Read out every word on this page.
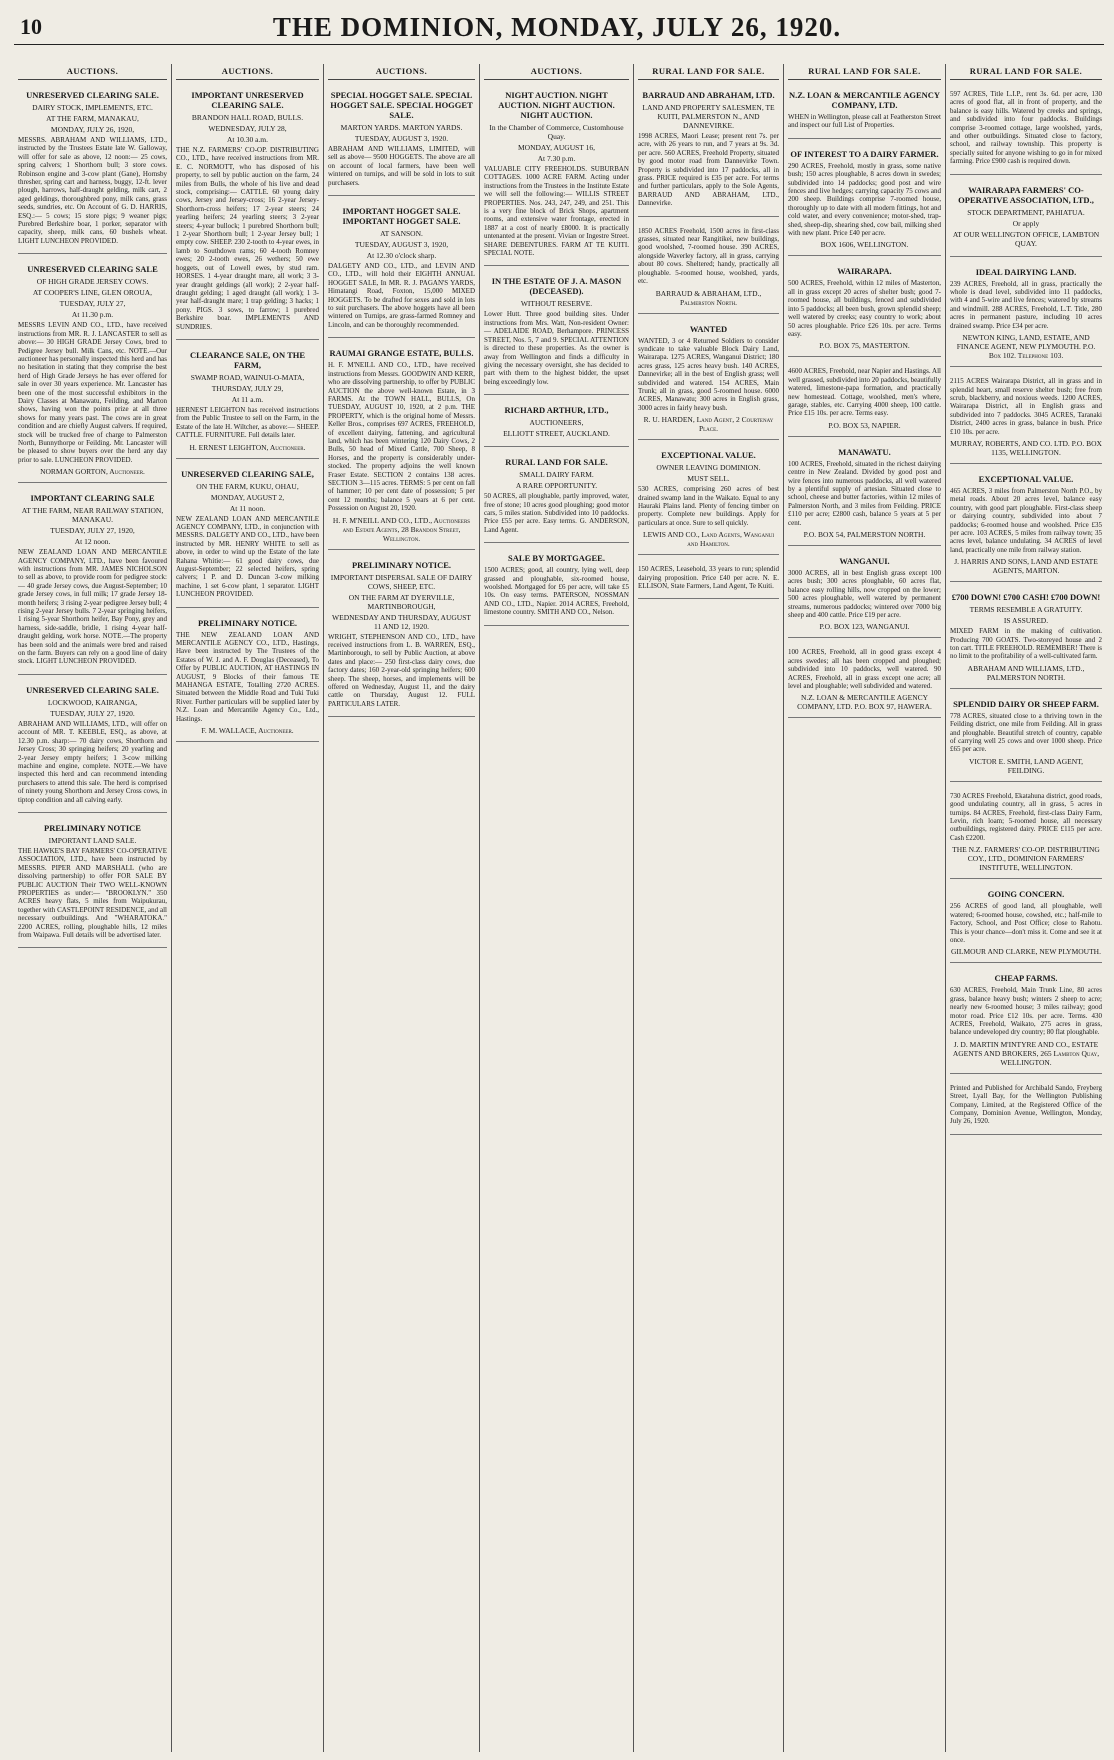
10	THE DOMINION, MONDAY, JULY 26, 1920.
AUCTIONS.
UNRESERVED CLEARING SALE.
DAIRY STOCK, IMPLEMENTS, ETC.
AT THE FARM, MANAKAU,
MONDAY, JULY 26, 1920,
MESSRS. ABRAHAM AND WILLIAMS, LTD., instructed by the Trustees Estate late W. Galloway, will offer for sale as above, 12 noon:— 25 cows, spring calvers; 1 Shorthorn bull; 3 store cows. Robinson engine and 3-cow plant (Gane), Hornsby thresher, spring cart and harness, buggy, 12-ft. lever plough, harrows, half-draught gelding, milk cart, 2 aged geldings, thoroughbred pony, milk cans, grass seeds, sundries, etc. On Account of G. D. HARRIS, ESQ.:— 5 cows; 15 store pigs; 9 weaner pigs; Purebred Berkshire boar, 1 porker, separator with capacity, sheep, milk cans, 60 bushels wheat. LIGHT LUNCHEON PROVIDED.
UNRESERVED CLEARING SALE
OF HIGH GRADE JERSEY COWS.
AT COOPER'S LINE, GLEN OROUA,
TUESDAY, JULY 27,
At 11.30 p.m.
MESSRS LEVIN AND CO., LTD., have received instructions from MR. R. J. LANCASTER to sell as above:— 30 HIGH GRADE Jersey Cows, bred to Pedigree Jersey bull. Milk Cans, etc. NOTE.—Our auctioneer has personally inspected this herd and has no hesitation in stating that they comprise the best herd of High Grade Jerseys he has ever offered for sale in over 30 years experience. Mr. Lancaster has been one of the most successful exhibitors in the Dairy Classes at Manawatu, Feilding, and Marton shows, having won the points prize at all three shows for many years past. The cows are in great condition and are chiefly August calvers. If required, stock will be trucked free of charge to Palmerston North, Bunnythorpe or Feilding. Mr. Lancaster will be pleased to show buyers over the herd any day prior to sale. LUNCHEON PROVIDED.
NORMAN GORTON, Auctioneer.
IMPORTANT CLEARING SALE
AT THE FARM, NEAR RAILWAY STATION, MANAKAU.
TUESDAY, JULY 27, 1920,
At 12 noon.
NEW ZEALAND LOAN AND MERCANTILE AGENCY COMPANY, LTD., have been favoured with instructions from MR. JAMES NICHOLSON to sell as above, to provide room for pedigree stock:— 40 grade Jersey cows, due August-September; 10 grade Jersey cows, in full milk; 17 grade Jersey 18-month heifers; 3 rising 2-year pedigree Jersey bull; 4 rising 2-year Jersey bulls. 7 2-year springing heifers, 1 rising 5-year Shorthorn heifer, Bay Pony, grey and harness, side-saddle, bridle, 1 rising 4-year half-draught gelding, work horse. NOTE.—The property has been sold and the animals were bred and raised on the farm. Buyers can rely on a good line of dairy stock. LIGHT LUNCHEON PROVIDED.
UNRESERVED CLEARING SALE.
LOCKWOOD, KAIRANGA,
TUESDAY, JULY 27, 1920.
ABRAHAM AND WILLIAMS, LTD., will offer on account of MR. T. KEEBLE, ESQ., as above, at 12.30 p.m. sharp:— 70 dairy cows, Shorthorn and Jersey Cross; 30 springing heifers; 20 yearling and 2-year Jersey empty heifers; 1 3-cow milking machine and engine, complete. NOTE.—We have inspected this herd and can recommend intending purchasers to attend this sale. The herd is comprised of ninety young Shorthorn and Jersey Cross cows, in tiptop condition and all calving early.
PRELIMINARY NOTICE
IMPORTANT LAND SALE.
THE HAWKE'S BAY FARMERS' CO-OPERATIVE ASSOCIATION, LTD., have been instructed by MESSRS. PIPER AND MARSHALL (who are dissolving partnership) to offer FOR SALE BY PUBLIC AUCTION Their TWO WELL-KNOWN PROPERTIES as under:— "BROOKLYN." 350 ACRES heavy flats, 5 miles from Waipukurau, together with CASTLEPOINT RESIDENCE, and all necessary outbuildings. And "WHARATOKA." 2200 ACRES, rolling, ploughable hills, 12 miles from Waipawa. Full details will be advertised later.
AUCTIONS.
IMPORTANT UNRESERVED CLEARING SALE.
BRANDON HALL ROAD, BULLS.
WEDNESDAY, JULY 28,
At 10.30 a.m.
THE N.Z. FARMERS' CO-OP. DISTRIBUTING CO., LTD., have received instructions from MR. E. C. NORMOTT, who has disposed of his property, to sell by public auction on the farm, 24 miles from Bulls, the whole of his live and dead stock, comprising:— CATTLE. 60 young dairy cows, Jersey and Jersey-cross; 16 2-year Jersey-Shorthorn-cross heifers; 17 2-year steers; 24 yearling heifers; 24 yearling steers; 3 2-year steers; 4-year bullock; 1 purebred Shorthorn bull; 1 2-year Shorthorn bull; 1 2-year Jersey bull; 1 empty cow. SHEEP. 230 2-tooth to 4-year ewes, in lamb to Southdown rams; 60 4-tooth Romney ewes; 20 2-tooth ewes, 26 wethers; 50 ewe hoggets, out of Lowell ewes, by stud ram. HORSES. 1 4-year draught mare, all work; 3 3-year draught geldings (all work); 2 2-year half-draught gelding; 1 aged draught (all work); 1 3-year half-draught mare; 1 trap gelding; 3 hacks; 1 pony. PIGS. 3 sows, to farrow; 1 purebred Berkshire boar. IMPLEMENTS AND SUNDRIES.
CLEARANCE SALE, ON THE FARM,
SWAMP ROAD, WAINUI-O-MATA,
THURSDAY, JULY 29,
At 11 a.m.
HERNEST LEIGHTON has received instructions from the Public Trustee to sell on the Farm, in the Estate of the late H. Wiltcher, as above:— SHEEP. CATTLE. FURNITURE. Full details later.
H. ERNEST LEIGHTON, Auctioneer.
UNRESERVED CLEARING SALE,
ON THE FARM, KUKU, OHAU,
MONDAY, AUGUST 2,
At 11 noon.
NEW ZEALAND LOAN AND MERCANTILE AGENCY COMPANY, LTD., in conjunction with MESSRS. DALGETY AND CO., LTD., have been instructed by MR. HENRY WHITE to sell as above, in order to wind up the Estate of the late Rahana Whitie:— 61 good dairy cows, due August-September; 22 selected heifers, spring calvers; 1 P. and D. Duncan 3-cow milking machine, 1 set 6-cow plant, 1 separator. LIGHT LUNCHEON PROVIDED.
PRELIMINARY NOTICE.
THE NEW ZEALAND LOAN AND MERCANTILE AGENCY CO., LTD., Hastings, Have been instructed by The Trustees of the Estates of W. J. and A. F. Douglas (Deceased), To Offer by PUBLIC AUCTION, AT HASTINGS IN AUGUST, 9 Blocks of their famous TE MAHANGA ESTATE, Totalling 2720 ACRES. Situated between the Middle Road and Tuki Tuki River. Further particulars will be supplied later by N.Z. Loan and Mercantile Agency Co., Ltd., Hastings.
F. M. WALLACE, Auctioneer.
AUCTIONS.
SPECIAL HOGGET SALE. SPECIAL HOGGET SALE. SPECIAL HOGGET SALE.
MARTON YARDS. MARTON YARDS.
TUESDAY, AUGUST 3, 1920.
ABRAHAM AND WILLIAMS, LIMITED, will sell as above— 9500 HOGGETS. The above are all on account of local farmers, have been well wintered on turnips, and will be sold in lots to suit purchasers.
IMPORTANT HOGGET SALE. IMPORTANT HOGGET SALE.
AT SANSON.
TUESDAY, AUGUST 3, 1920,
At 12.30 o'clock sharp.
DALGETY AND CO., LTD., and LEVIN AND CO., LTD., will hold their EIGHTH ANNUAL HOGGET SALE, In MR. R. J. PAGAN'S YARDS, Himatangi Road, Foxton, 15,000 MIXED HOGGETS. To be drafted for sexes and sold in lots to suit purchasers. The above hoggets have all been wintered on Turnips, are grass-farmed Romney and Lincoln, and can be thoroughly recommended.
RAUMAI GRANGE ESTATE, BULLS.
H. F. M'NEILL AND CO., LTD., have received instructions from Messrs. GOODWIN AND KERR, who are dissolving partnership, to offer by PUBLIC AUCTION the above well-known Estate, in 3 FARMS. At the TOWN HALL, BULLS, On TUESDAY, AUGUST 10, 1920, at 2 p.m. THE PROPERTY, which is the original home of Messrs. Keller Bros., comprises 697 ACRES, FREEHOLD, of excellent dairying, fattening, and agricultural land, which has been wintering 120 Dairy Cows, 2 Bulls, 50 head of Mixed Cattle, 700 Sheep, 8 Horses, and the property is considerably under-stocked. The property adjoins the well known Fraser Estate. SECTION 2 contains 138 acres. SECTION 3—115 acres. TERMS: 5 per cent on fall of hammer; 10 per cent date of possession; 5 per cent 12 months; balance 5 years at 6 per cent. Possession on August 20, 1920.
H. F. M'NEILL AND CO., LTD., Auctioneers and Estate Agents, 28 Brandon Street, Wellington.
PRELIMINARY NOTICE.
IMPORTANT DISPERSAL SALE OF DAIRY COWS, SHEEP, ETC.
ON THE FARM AT DYERVILLE, MARTINBOROUGH,
WEDNESDAY AND THURSDAY, AUGUST 11 AND 12, 1920.
WRIGHT, STEPHENSON AND CO., LTD., have received instructions from L. B. WARREN, ESQ., Martinborough, to sell by Public Auction, at above dates and place:— 250 first-class dairy cows, due factory dates; 160 2-year-old springing heifers; 600 sheep. The sheep, horses, and implements will be offered on Wednesday, August 11, and the dairy cattle on Thursday, August 12. FULL PARTICULARS LATER.
AUCTIONS.
NIGHT AUCTION. NIGHT AUCTION. NIGHT AUCTION. NIGHT AUCTION.
In the Chamber of Commerce, Customhouse Quay.
MONDAY, AUGUST 16,
At 7.30 p.m.
VALUABLE CITY FREEHOLDS. SUBURBAN COTTAGES. 1000 ACRE FARM. Acting under instructions from the Trustees in the Institute Estate we will sell the following:— WILLIS STREET PROPERTIES. Nos. 243, 247, 249, and 251. This is a very fine block of Brick Shops, apartment rooms, and extensive water frontage, erected in 1887 at a cost of nearly £8000. It is practically untenanted at the present. Vivian or Ingestre Street. SHARE DEBENTURES. FARM AT TE KUITI. SPECIAL NOTE.
IN THE ESTATE OF J. A. MASON (DECEASED).
WITHOUT RESERVE.
Lower Hutt. Three good building sites. Under instructions from Mrs. Watt, Non-resident Owner:— ADELAIDE ROAD, Berhampore. PRINCESS STREET, Nos. 5, 7 and 9. SPECIAL ATTENTION is directed to these properties. As the owner is away from Wellington and finds a difficulty in giving the necessary oversight, she has decided to part with them to the highest bidder, the upset being exceedingly low.
RICHARD ARTHUR, LTD.,
AUCTIONEERS,
ELLIOTT STREET, AUCKLAND.
RURAL LAND FOR SALE.
SMALL DAIRY FARM.
A RARE OPPORTUNITY.
50 ACRES, all ploughable, partly improved, water, free of stone; 10 acres good ploughing; good motor cars, 5 miles station. Subdivided into 10 paddocks. Price £55 per acre. Easy terms. G. ANDERSON, Land Agent.
SALE BY MORTGAGEE.
1500 ACRES; good, all country, lying well, deep grassed and ploughable, six-roomed house, woolshed. Mortgaged for £6 per acre, will take £5 10s. On easy terms. PATERSON, NOSSMAN AND CO., LTD., Napier. 2014 ACRES, Freehold, limestone country. SMITH AND CO., Nelson.
RURAL LAND FOR SALE.
BARRAUD AND ABRAHAM, LTD.
LAND AND PROPERTY SALESMEN, TE KUITI, PALMERSTON N., AND DANNEVIRKE.
1998 ACRES, Maori Lease; present rent 7s. per acre, with 26 years to run, and 7 years at 9s. 3d. per acre. 560 ACRES, Freehold Property, situated by good motor road from Dannevirke Town. Property is subdivided into 17 paddocks, all in grass. PRICE required is £35 per acre. For terms and further particulars, apply to the Sole Agents, BARRAUD AND ABRAHAM, LTD., Dannevirke.
1850 ACRES Freehold, 1500 acres in first-class grasses, situated near Rangitikei, new buildings, good woolshed, 7-roomed house. 390 ACRES, alongside Waverley factory, all in grass, carrying about 80 cows. Sheltered; handy, practically all ploughable. 5-roomed house, woolshed, yards, etc.
BARRAUD & ABRAHAM, LTD., Palmerston North.
WANTED
WANTED, 3 or 4 Returned Soldiers to consider syndicate to take valuable Block Dairy Land, Wairarapa. 1275 ACRES, Wanganui District; 180 acres grass, 125 acres heavy bush. 140 ACRES, Dannevirke; all in the best of English grass; well subdivided and watered. 154 ACRES, Main Trunk; all in grass, good 5-roomed house. 6000 ACRES, Manawatu; 300 acres in English grass, 3000 acres in fairly heavy bush.
R. U. HARDEN, Land Agent, 2 Courtenay Place.
EXCEPTIONAL VALUE.
OWNER LEAVING DOMINION.
MUST SELL.
530 ACRES, comprising 260 acres of best drained swamp land in the Waikato. Equal to any Hauraki Plains land. Plenty of fencing timber on property. Complete new buildings. Apply for particulars at once. Sure to sell quickly.
LEWIS AND CO., Land Agents, Wanganui and Hamilton.
150 ACRES, Leasehold, 33 years to run; splendid dairying proposition. Price £40 per acre. N. E. ELLISON, State Farmers, Land Agent, Te Kuiti.
RURAL LAND FOR SALE.
N.Z. LOAN & MERCANTILE AGENCY COMPANY, LTD.
WHEN in Wellington, please call at Featherston Street and inspect our full List of Properties.
OF INTEREST TO A DAIRY FARMER.
290 ACRES, Freehold, mostly in grass, some native bush; 150 acres ploughable, 8 acres down in swedes; subdivided into 14 paddocks; good post and wire fences and live hedges; carrying capacity 75 cows and 200 sheep. Buildings comprise 7-roomed house, thoroughly up to date with all modern fittings, hot and cold water, and every convenience; motor-shed, trap-shed, sheep-dip, shearing shed, cow bail, milking shed with new plant. Price £40 per acre.
BOX 1606, WELLINGTON.
WAIRARAPA.
500 ACRES, Freehold, within 12 miles of Masterton, all in grass except 20 acres of shelter bush; good 7-roomed house, all buildings, fenced and subdivided into 5 paddocks; all been bush, grown splendid sheep; well watered by creeks; easy country to work; about 50 acres ploughable. Price £26 10s. per acre. Terms easy.
P.O. BOX 75, MASTERTON.
4600 ACRES, Freehold, near Napier and Hastings. All well grassed, subdivided into 20 paddocks, beautifully watered, limestone-papa formation, and practically new homestead. Cottage, woolshed, men's where, garage, stables, etc. Carrying 4000 sheep, 100 cattle. Price £15 10s. per acre. Terms easy.
P.O. BOX 53, NAPIER.
MANAWATU.
100 ACRES, Freehold, situated in the richest dairying centre in New Zealand. Divided by good post and wire fences into numerous paddocks, all well watered by a plentiful supply of artesian. Situated close to school, cheese and butter factories, within 12 miles of Palmerston North, and 3 miles from Feilding. PRICE £110 per acre; £2800 cash, balance 5 years at 5 per cent.
P.O. BOX 54, PALMERSTON NORTH.
WANGANUI.
3000 ACRES, all in best English grass except 100 acres bush; 300 acres ploughable, 60 acres flat, balance easy rolling hills, now cropped on the lower; 500 acres ploughable, well watered by permanent streams, numerous paddocks; wintered over 7000 big sheep and 400 cattle. Price £19 per acre.
P.O. BOX 123, WANGANUI.
100 ACRES, Freehold, all in good grass except 4 acres swedes; all has been cropped and ploughed; subdivided into 10 paddocks, well watered. 90 ACRES, Freehold, all in grass except one acre; all level and ploughable; well subdivided and watered.
N.Z. LOAN & MERCANTILE AGENCY COMPANY, LTD. P.O. BOX 97, HAWERA.
RURAL LAND FOR SALE.
597 ACRES, Title L.I.P., rent 3s. 6d. per acre, 130 acres of good flat, all in front of property, and the balance is easy hills. Watered by creeks and springs, and subdivided into four paddocks. Buildings comprise 3-roomed cottage, large woolshed, yards, and other outbuildings. Situated close to factory, school, and railway township. This property is specially suited for anyone wishing to go in for mixed farming. Price £900 cash is required down.
WAIRARAPA FARMERS' CO-OPERATIVE ASSOCIATION, LTD.,
STOCK DEPARTMENT, PAHIATUA.
Or apply
AT OUR WELLINGTON OFFICE, LAMBTON QUAY.
IDEAL DAIRYING LAND.
239 ACRES, Freehold, all in grass, practically the whole is dead level, subdivided into 11 paddocks, with 4 and 5-wire and live fences; watered by streams and windmill. 288 ACRES, Freehold, L.T. Title, 280 acres in permanent pasture, including 10 acres drained swamp. Price £34 per acre.
NEWTON KING, LAND, ESTATE, AND FINANCE AGENT, NEW PLYMOUTH. P.O. Box 102. Telephone 103.
2115 ACRES Wairarapa District, all in grass and in splendid heart, small reserve shelter bush; free from scrub, blackberry, and noxious weeds. 1200 ACRES, Wairarapa District, all in English grass and subdivided into 7 paddocks. 3045 ACRES, Taranaki District, 2400 acres in grass, balance in bush. Price £10 10s. per acre.
MURRAY, ROBERTS, AND CO. LTD. P.O. BOX 1135, WELLINGTON.
EXCEPTIONAL VALUE.
465 ACRES, 3 miles from Palmerston North P.O., by metal roads. About 20 acres level, balance easy country, with good part ploughable. First-class sheep or dairying country, subdivided into about 7 paddocks; 6-roomed house and woolshed. Price £35 per acre. 103 ACRES, 5 miles from railway town; 35 acres level, balance undulating. 34 ACRES of level land, practically one mile from railway station.
J. HARRIS AND SONS, LAND AND ESTATE AGENTS, MARTON.
£700 DOWN! £700 CASH! £700 DOWN!
TERMS RESEMBLE A GRATUITY.
IS ASSURED.
MIXED FARM in the making of cultivation. Producing 700 GOATS. Two-storeyed house and 2 ton cart. TITLE FREEHOLD. REMEMBER! There is no limit to the profitability of a well-cultivated farm.
ABRAHAM AND WILLIAMS, LTD., PALMERSTON NORTH.
SPLENDID DAIRY OR SHEEP FARM.
778 ACRES, situated close to a thriving town in the Feilding district, one mile from Feilding. All in grass and ploughable. Beautiful stretch of country, capable of carrying well 25 cows and over 1000 sheep. Price £65 per acre.
VICTOR E. SMITH, LAND AGENT, FEILDING.
730 ACRES Freehold, Ekatahuna district, good roads, good undulating country, all in grass, 5 acres in turnips. 84 ACRES, Freehold, first-class Dairy Farm, Levin, rich loam; 5-roomed house, all necessary outbuildings, registered dairy. PRICE £115 per acre. Cash £2200.
THE N.Z. FARMERS' CO-OP. DISTRIBUTING COY., LTD., DOMINION FARMERS' INSTITUTE, WELLINGTON.
GOING CONCERN.
256 ACRES of good land, all ploughable, well watered; 6-roomed house, cowshed, etc.; half-mile to Factory, School, and Post Office; close to Rahotu. This is your chance—don't miss it. Come and see it at once.
GILMOUR AND CLARKE, NEW PLYMOUTH.
CHEAP FARMS.
630 ACRES, Freehold, Main Trunk Line, 80 acres grass, balance heavy bush; winters 2 sheep to acre; nearly new 6-roomed house; 3 miles railway; good motor road. Price £12 10s. per acre. Terms. 430 ACRES, Freehold, Waikato, 275 acres in grass, balance undeveloped dry country; 80 flat ploughable.
J. D. MARTIN M'INTYRE AND CO., ESTATE AGENTS AND BROKERS, 265 Lambton Quay, WELLINGTON.
Printed and Published for Archibald Sando, Freyberg Street, Lyall Bay, for the Wellington Publishing Company, Limited, at the Registered Office of the Company, Dominion Avenue, Wellington, Monday, July 26, 1920.
